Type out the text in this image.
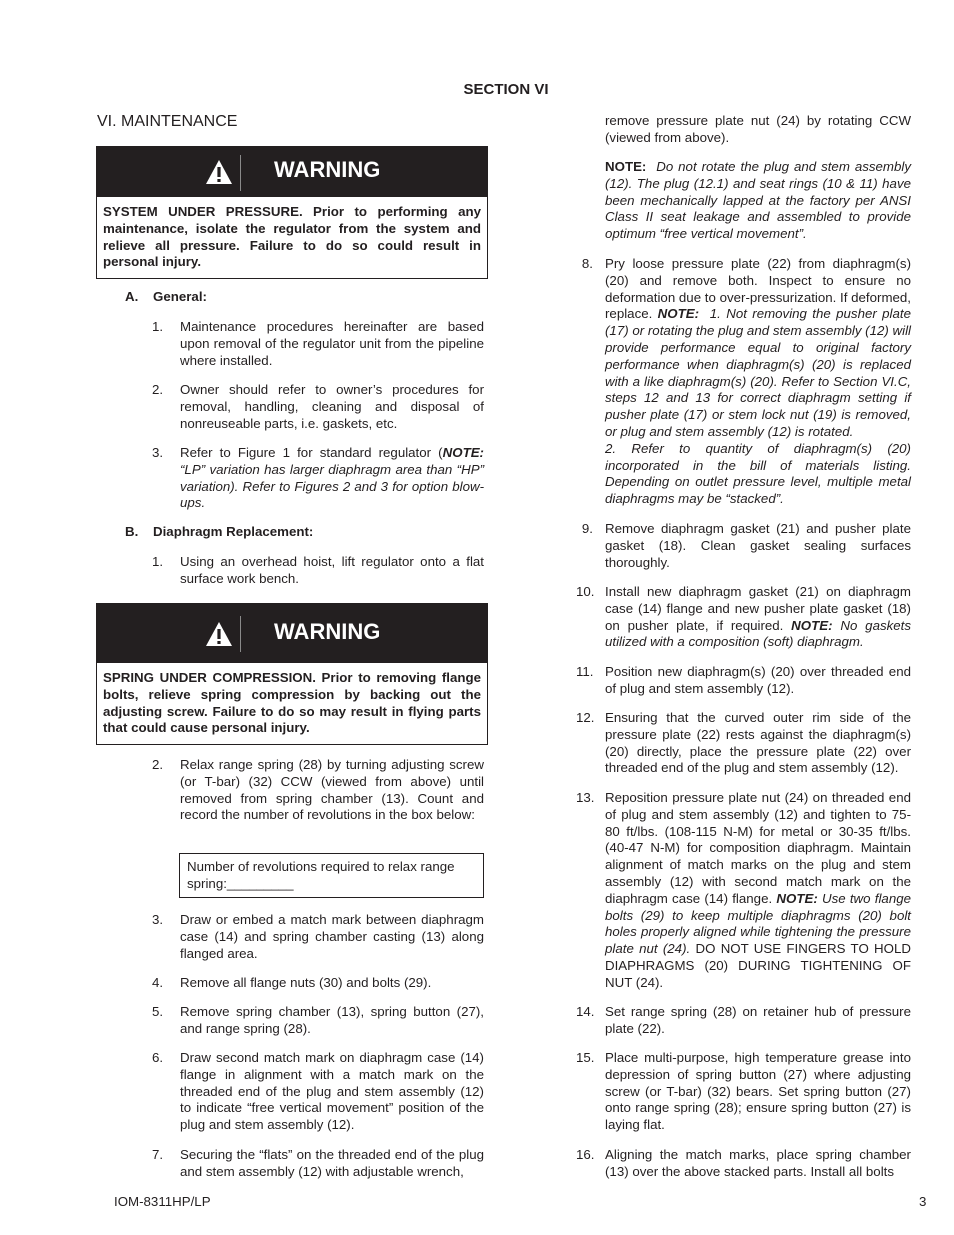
SECTION VI
VI. MAINTENANCE
WARNING
SYSTEM UNDER PRESSURE. Prior to performing any maintenance, isolate the regulator from the system and relieve all pressure. Failure to do so could result in personal injury.
A. General:
1. Maintenance procedures hereinafter are based upon removal of the regulator unit from the pipeline where installed.
2. Owner should refer to owner’s procedures for removal, handling, cleaning and disposal of nonreuseable parts, i.e. gaskets, etc.
3. Refer to Figure 1 for standard regulator (NOTE: “LP” variation has larger diaphragm area than “HP” variation). Refer to Figures 2 and 3 for option blow-ups.
B. Diaphragm Replacement:
1. Using an overhead hoist, lift regulator onto a flat surface work bench.
WARNING
SPRING UNDER COMPRESSION. Prior to removing flange bolts, relieve spring compression by backing out the adjusting screw. Failure to do so may result in flying parts that could cause personal injury.
2. Relax range spring (28) by turning adjusting screw (or T-bar) (32) CCW (viewed from above) until removed from spring chamber (13). Count and record the number of revolutions in the box below:
Number of revolutions required to relax range spring:_________
3. Draw or embed a match mark between diaphragm case (14) and spring chamber casting (13) along flanged area.
4. Remove all flange nuts (30) and bolts (29).
5. Remove spring chamber (13), spring button (27), and range spring (28).
6. Draw second match mark on diaphragm case (14) flange in alignment with a match mark on the threaded end of the plug and stem assembly (12) to indicate “free vertical movement” position of the plug and stem assembly (12).
7. Securing the “flats” on the threaded end of the plug and stem assembly (12) with adjustable wrench,
remove pressure plate nut (24) by rotating CCW (viewed from above).
NOTE: Do not rotate the plug and stem assembly (12). The plug (12.1) and seat rings (10 & 11) have been mechanically lapped at the factory per ANSI Class II seat leakage and assembled to provide optimum “free vertical movement”.
8. Pry loose pressure plate (22) from diaphragm(s) (20) and remove both. Inspect to ensure no deformation due to over-pressurization. If deformed, replace. NOTE: 1. Not removing the pusher plate (17) or rotating the plug and stem assembly (12) will provide performance equal to original factory performance when diaphragm(s) (20) is replaced with a like diaphragm(s) (20). Refer to Section VI.C, steps 12 and 13 for correct diaphragm setting if pusher plate (17) or stem lock nut (19) is removed, or plug and stem assembly (12) is rotated.
2. Refer to quantity of diaphragm(s) (20) incorporated in the bill of materials listing. Depending on outlet pressure level, multiple metal diaphragms may be “stacked”.
9. Remove diaphragm gasket (21) and pusher plate gasket (18). Clean gasket sealing surfaces thoroughly.
10. Install new diaphragm gasket (21) on diaphragm case (14) flange and new pusher plate gasket (18) on pusher plate, if required. NOTE: No gaskets utilized with a composition (soft) diaphragm.
11. Position new diaphragm(s) (20) over threaded end of plug and stem assembly (12).
12. Ensuring that the curved outer rim side of the pressure plate (22) rests against the diaphragm(s) (20) directly, place the pressure plate (22) over threaded end of the plug and stem assembly (12).
13. Reposition pressure plate nut (24) on threaded end of plug and stem assembly (12) and tighten to 75-80 ft/lbs. (108-115 N-M) for metal or 30-35 ft/lbs. (40-47 N-M) for composition diaphragm. Maintain alignment of match marks on the plug and stem assembly (12) with second match mark on the diaphragm case (14) flange. NOTE: Use two flange bolts (29) to keep multiple diaphragms (20) bolt holes properly aligned while tightening the pressure plate nut (24). DO NOT USE FINGERS TO HOLD DIAPHRAGMS (20) DURING TIGHTENING OF NUT (24).
14. Set range spring (28) on retainer hub of pressure plate (22).
15. Place multi-purpose, high temperature grease into depression of spring button (27) where adjusting screw (or T-bar) (32) bears. Set spring button (27) onto range spring (28); ensure spring button (27) is laying flat.
16. Aligning the match marks, place spring chamber (13) over the above stacked parts. Install all bolts
IOM-8311HP/LP	3
